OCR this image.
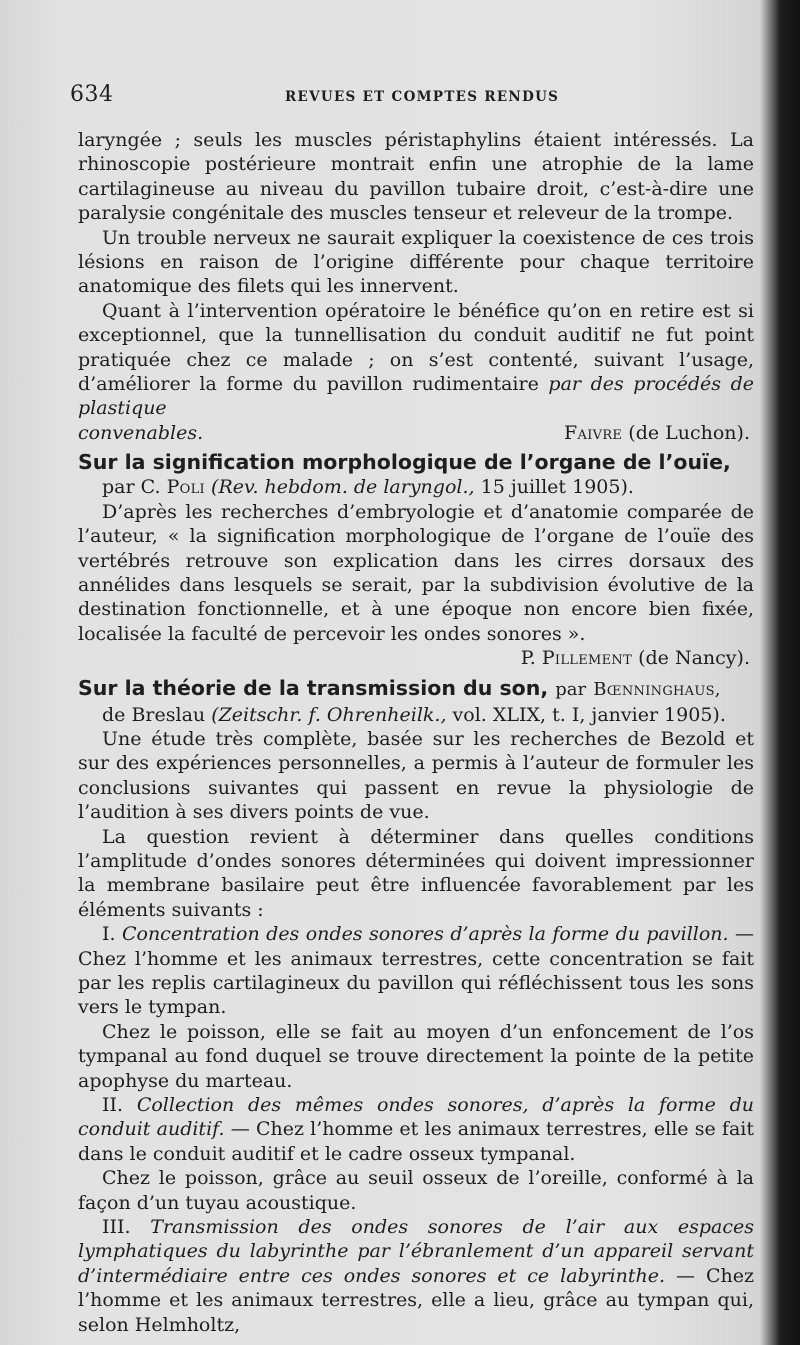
634	REVUES ET COMPTES RENDUS

laryngée ; seuls les muscles péristaphylins étaient intéressés. La rhinoscopie postérieure montrait enfin une atrophie de la lame cartilagineuse au niveau du pavillon tubaire droit, c’est-à-dire une paralysie congénitale des muscles tenseur et releveur de la trompe.

Un trouble nerveux ne saurait expliquer la coexistence de ces trois lésions en raison de l’origine différente pour chaque territoire anatomique des filets qui les innervent.

Quant à l’intervention opératoire le bénéfice qu’on en retire est si exceptionnel, que la tunnellisation du conduit auditif ne fut point pratiquée chez ce malade ; on s’est contenté, suivant l’usage, d’améliorer la forme du pavillon rudimentaire par des procédés de plastique

convenables.	Faivre (de Luchon).
Sur la signification morphologique de l’organe de l’ouïe,

par C. Poli (Rev. hebdom. de laryngol., 15 juillet 1905).

D’après les recherches d’embryologie et d’anatomie comparée de l’auteur, « la signification morphologique de l’organe de l’ouïe des vertébrés retrouve son explication dans les cirres dorsaux des annélides dans lesquels se serait, par la subdivision évolutive de la destination fonctionnelle, et à une époque non encore bien fixée, localisée la faculté de percevoir les ondes sonores ».

P. Pillement (de Nancy).

Sur la théorie de la transmission du son, par Bœnninghaus,

de Breslau (Zeitschr. f. Ohrenheilk., vol. XLIX, t. I, janvier 1905).

Une étude très complète, basée sur les recherches de Bezold et sur des expériences personnelles, a permis à l’auteur de formuler les conclusions suivantes qui passent en revue la physiologie de l’audition à ses divers points de vue.

La question revient à déterminer dans quelles conditions l’amplitude d’ondes sonores déterminées qui doivent impressionner la membrane basilaire peut être influencée favorablement par les éléments suivants :

I. Concentration des ondes sonores d’après la forme du pavillon. — Chez l’homme et les animaux terrestres, cette concentration se fait par les replis cartilagineux du pavillon qui réfléchissent tous les sons vers le tympan.

Chez le poisson, elle se fait au moyen d’un enfoncement de l’os tympanal au fond duquel se trouve directement la pointe de la petite apophyse du marteau.

II. Collection des mêmes ondes sonores, d’après la forme du conduit auditif. — Chez l’homme et les animaux terrestres, elle se fait dans le conduit auditif et le cadre osseux tympanal.

Chez le poisson, grâce au seuil osseux de l’oreille, conformé à la façon d’un tuyau acoustique.

III. Transmission des ondes sonores de l’air aux espaces lymphatiques du labyrinthe par l’ébranlement d’un appareil servant d’intermédiaire entre ces ondes sonores et ce labyrinthe. — Chez l’homme et les animaux terrestres, elle a lieu, grâce au tympan qui, selon Helmholtz,
